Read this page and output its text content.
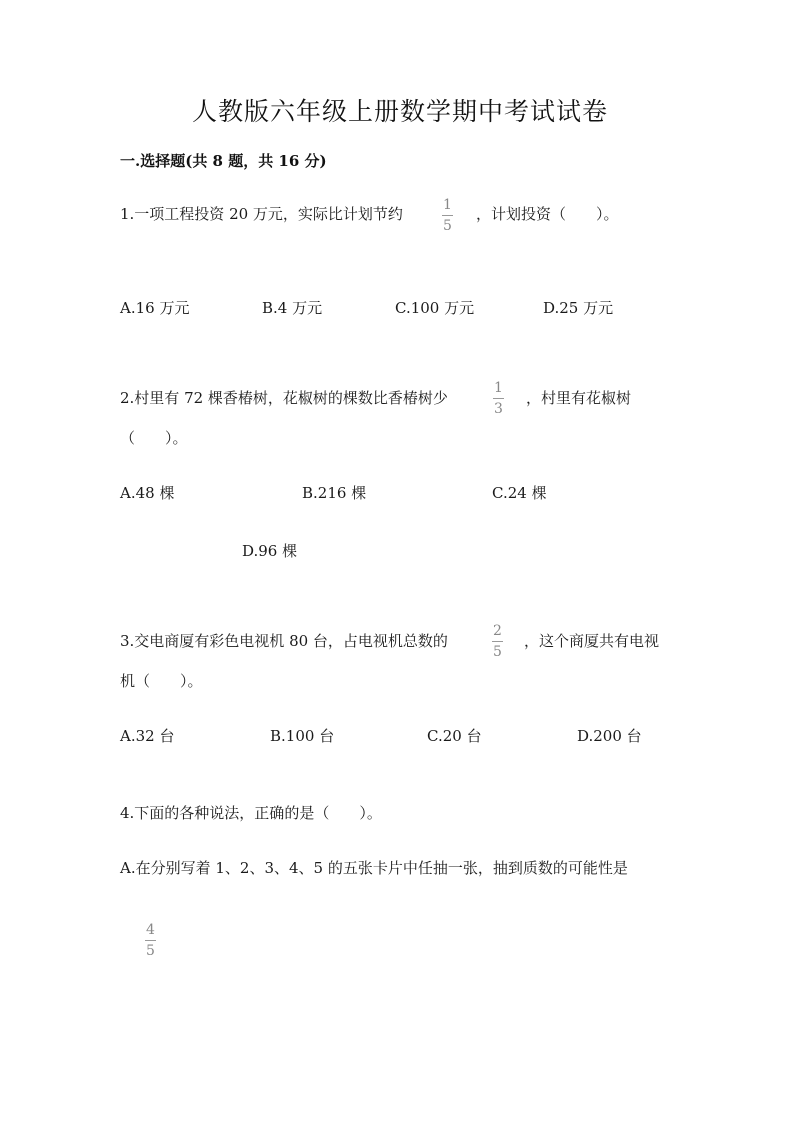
人教版六年级上册数学期中考试试卷
一.选择题(共 8 题，共 16 分)
1.一项工程投资 20 万元，实际比计划节约	1
5
，计划投资（　　）。
A.16 万元	B.4 万元	C.100 万元	D.25 万元
2.村里有 72 棵香椿树，花椒树的棵数比香椿树少
1
3
，村里有花椒树
（　　）。
A.48 棵	B.216 棵	C.24 棵
D.96 棵
3.交电商厦有彩色电视机 80 台，占电视机总数的
2
5
，这个商厦共有电视
机（　　）。
A.32 台	B.100 台	C.20 台	D.200 台
4.下面的各种说法，正确的是（　　）。
A.在分别写着 1、2、3、4、5 的五张卡片中任抽一张，抽到质数的可能性是
4
5
